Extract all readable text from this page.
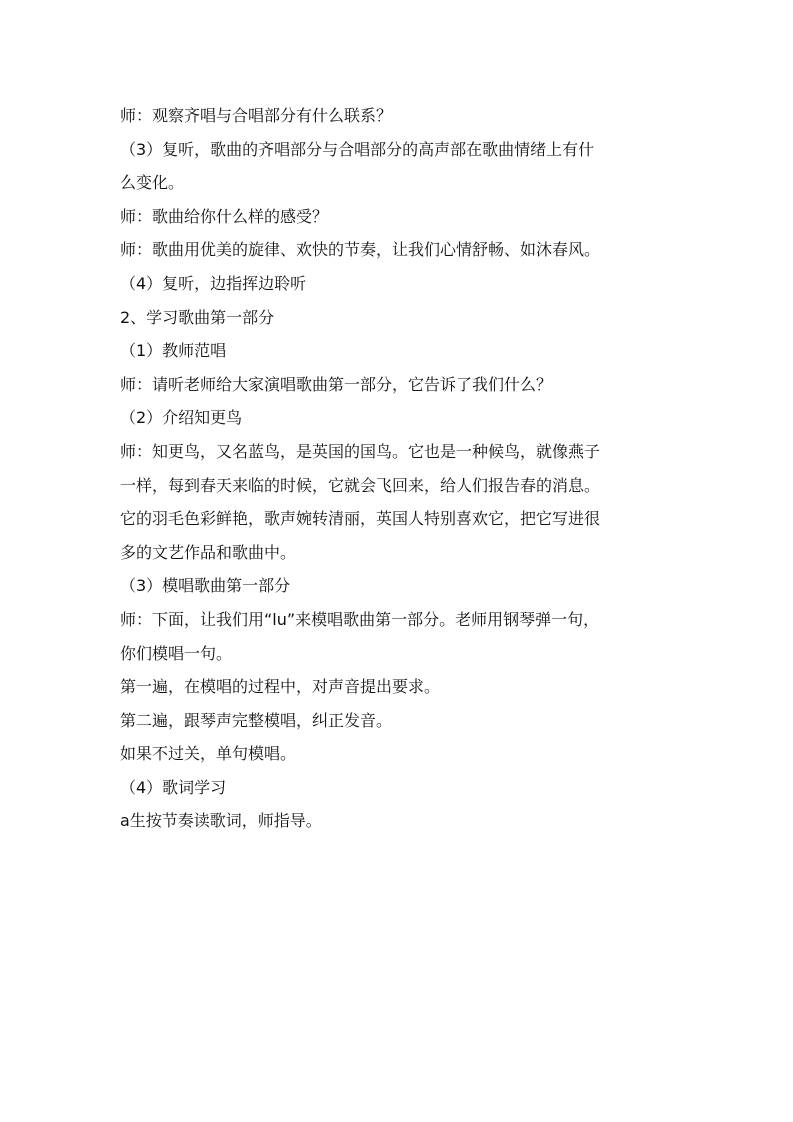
师：观察齐唱与合唱部分有什么联系？
（3）复听，歌曲的齐唱部分与合唱部分的高声部在歌曲情绪上有什
么变化。
师：歌曲给你什么样的感受？
师：歌曲用优美的旋律、欢快的节奏，让我们心情舒畅、如沐春风。
（4）复听，边指挥边聆听
2、学习歌曲第一部分
（1）教师范唱
师：请听老师给大家演唱歌曲第一部分，它告诉了我们什么？
（2）介绍知更鸟
师：知更鸟，又名蓝鸟，是英国的国鸟。它也是一种候鸟，就像燕子
一样，每到春天来临的时候，它就会飞回来，给人们报告春的消息。
它的羽毛色彩鲜艳，歌声婉转清丽，英国人特别喜欢它，把它写进很
多的文艺作品和歌曲中。
（3）模唱歌曲第一部分
师：下面，让我们用“lu”来模唱歌曲第一部分。老师用钢琴弹一句，
你们模唱一句。
第一遍，在模唱的过程中，对声音提出要求。
第二遍，跟琴声完整模唱，纠正发音。
如果不过关，单句模唱。
（4）歌词学习
a生按节奏读歌词，师指导。
